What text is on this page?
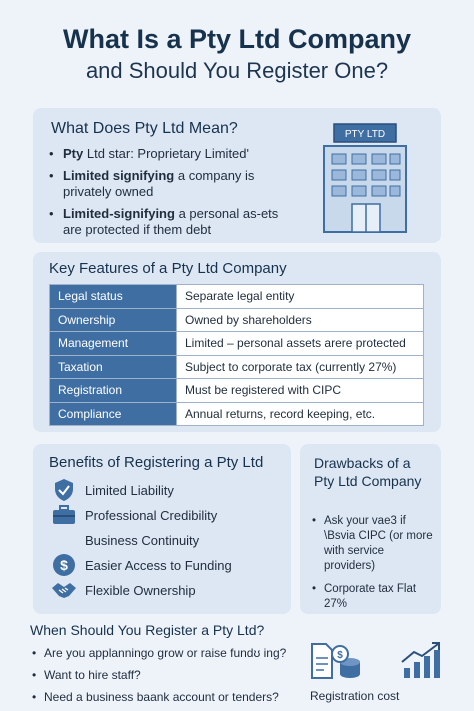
What Is a Pty Ltd Company
and Should You Register One?
What Does Pty Ltd Mean?
• Pty Ltd star: Proprietary Limited'
• Limited signifying a company is privately owned
• Limited-signifying a personal as-ets are protected if them debt
PTY LTD
Key Features of a Pty Ltd Company
Legal status	Separate legal entity
Ownership	Owned by shareholders
Management	Limited – personal assets arere protected
Taxation	Subject to corporate tax (currently 27%)
Registration	Must be registered with CIPC
Compliance	Annual returns, record keeping, etc.
Benefits of Registering a Pty Ltd
Limited Liability
Professional Credibility
Business Continuity
$ Easier Access to Funding
Flexible Ownership
Drawbacks of a Pty Ltd Company
• Ask your vae3 if \Bsvia CIPC (or more with service providers)
• Corporate tax Flat 27%
When Should You Register a Pty Ltd?
• Are you applanningo grow or raise fundʊ ing?
• Want to hire staff?
• Need a business baank account or tenders?
$
Registration cost
